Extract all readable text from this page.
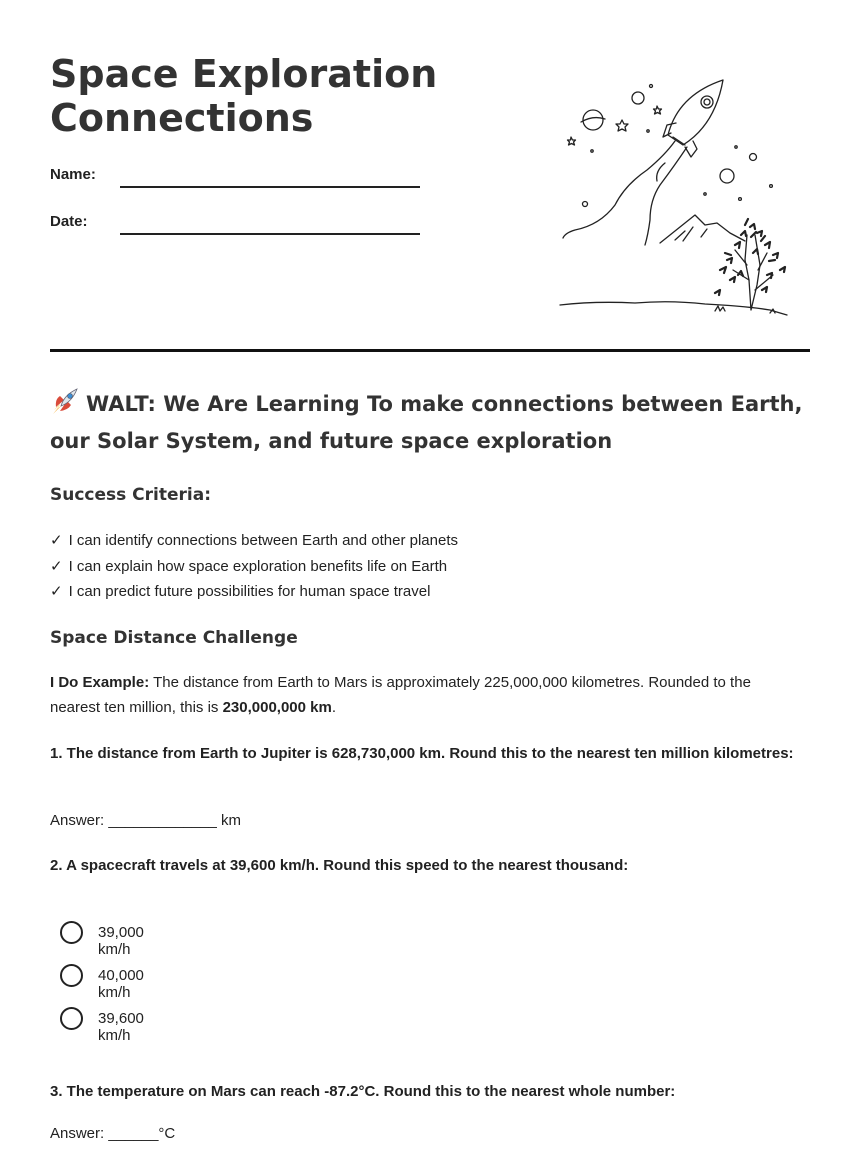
Space Exploration Connections
Name:
Date:
WALT: We Are Learning To make connections between Earth, our Solar System, and future space exploration
Success Criteria:
✓ I can identify connections between Earth and other planets
✓ I can explain how space exploration benefits life on Earth
✓ I can predict future possibilities for human space travel
Space Distance Challenge

I Do Example: The distance from Earth to Mars is approximately 225,000,000 kilometres. Rounded to the nearest ten million, this is 230,000,000 km.

1. The distance from Earth to Jupiter is 628,730,000 km. Round this to the nearest ten million kilometres:

Answer: _____________ km

2. A spacecraft travels at 39,600 km/h. Round this speed to the nearest thousand:

39,000 km/h
40,000 km/h
39,600 km/h

3. The temperature on Mars can reach -87.2°C. Round this to the nearest whole number:

Answer: ______°C
